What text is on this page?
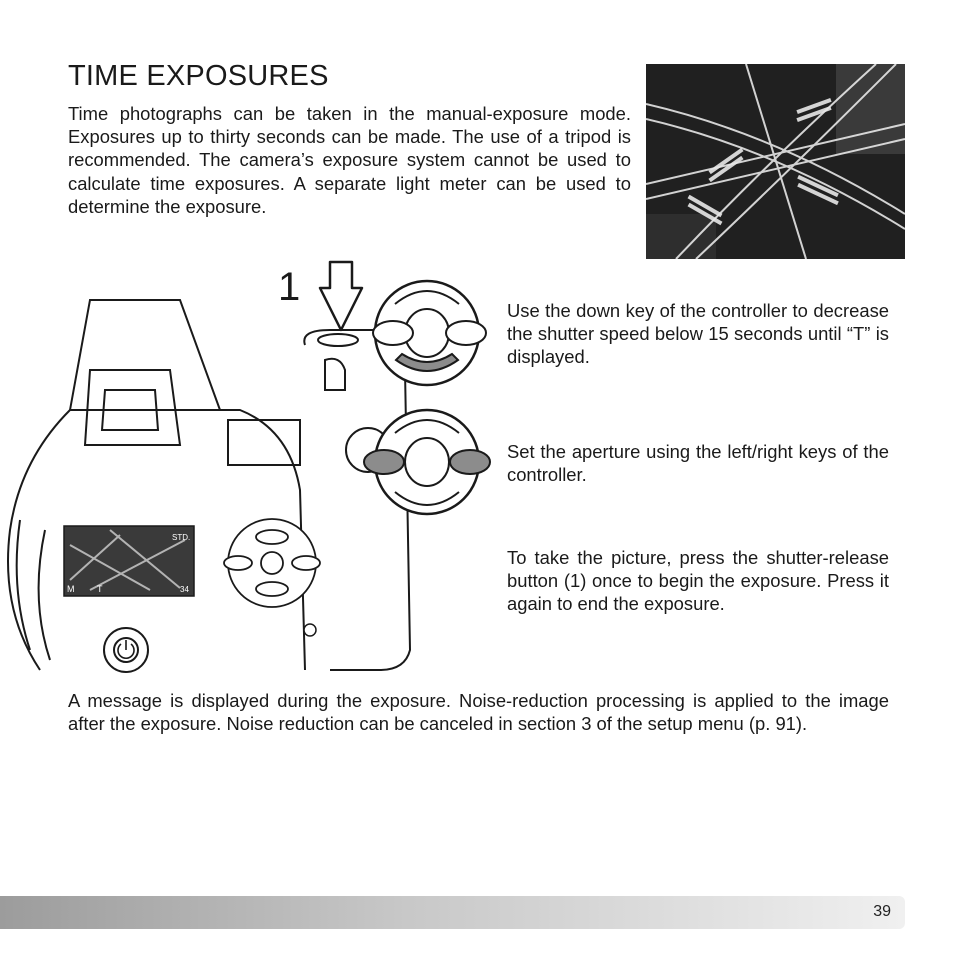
TIME EXPOSURES

Time photographs can be taken in the manual-exposure mode. Exposures up to thirty seconds can be made. The use of a tripod is recommended. The camera’s exposure system cannot be used to calculate time exposures. A separate light meter can be used to determine the exposure.

1
M	T
STD.
34

Use the down key of the controller to decrease the shutter speed below 15 seconds until “T” is displayed.

Set the aperture using the left/right keys of the controller.

To take the picture, press the shutter-release button (1) once to begin the exposure. Press it again to end the exposure.

A message is displayed during the exposure. Noise-reduction processing is applied to the image after the exposure. Noise reduction can be canceled in section 3 of the setup menu (p. 91).

39
